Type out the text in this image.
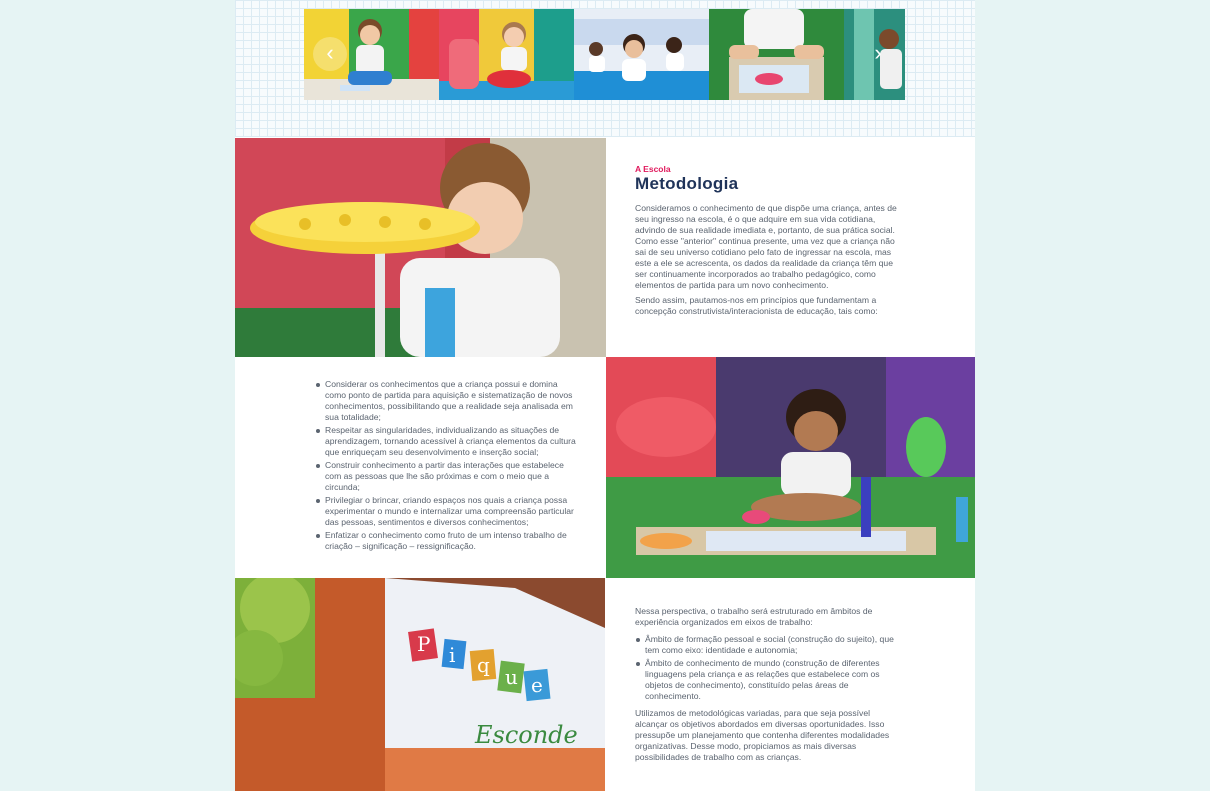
‹	›
A Escola
Metodologia

Consideramos o conhecimento de que dispõe uma criança, antes de seu ingresso na escola, é o que adquire em sua vida cotidiana, advindo de sua realidade imediata e, portanto, de sua prática social. Como esse "anterior" continua presente, uma vez que a criança não sai de seu universo cotidiano pelo fato de ingressar na escola, mas este a ele se acrescenta, os dados da realidade da criança têm que ser continuamente incorporados ao trabalho pedagógico, como elementos de partida para um novo conhecimento.

Sendo assim, pautamos-nos em princípios que fundamentam a concepção construtivista/interacionista de educação, tais como:

Considerar os conhecimentos que a criança possui e domina como ponto de partida para aquisição e sistematização de novos conhecimentos, possibilitando que a realidade seja analisada em sua totalidade;
Respeitar as singularidades, individualizando as situações de aprendizagem, tornando acessível à criança elementos da cultura que enriqueçam seu desenvolvimento e inserção social;
Construir conhecimento a partir das interações que estabelece com as pessoas que lhe são próximas e com o meio que a circunda;
Privilegiar o brincar, criando espaços nos quais a criança possa experimentar o mundo e internalizar uma compreensão particular das pessoas, sentimentos e diversos conhecimentos;
Enfatizar o conhecimento como fruto de um intenso trabalho de criação – significação – ressignificação.
P i q u e
Esconde

Nessa perspectiva, o trabalho será estruturado em âmbitos de experiência organizados em eixos de trabalho:

Âmbito de formação pessoal e social (construção do sujeito), que tem como eixo: identidade e autonomia;
Âmbito de conhecimento de mundo (construção de diferentes linguagens pela criança e as relações que estabelece com os objetos de conhecimento), constituído pelas áreas de conhecimento.

Utilizamos de metodológicas variadas, para que seja possível alcançar os objetivos abordados em diversas oportunidades. Isso pressupõe um planejamento que contenha diferentes modalidades organizativas. Desse modo, propiciamos as mais diversas possibilidades de trabalho com as crianças.
